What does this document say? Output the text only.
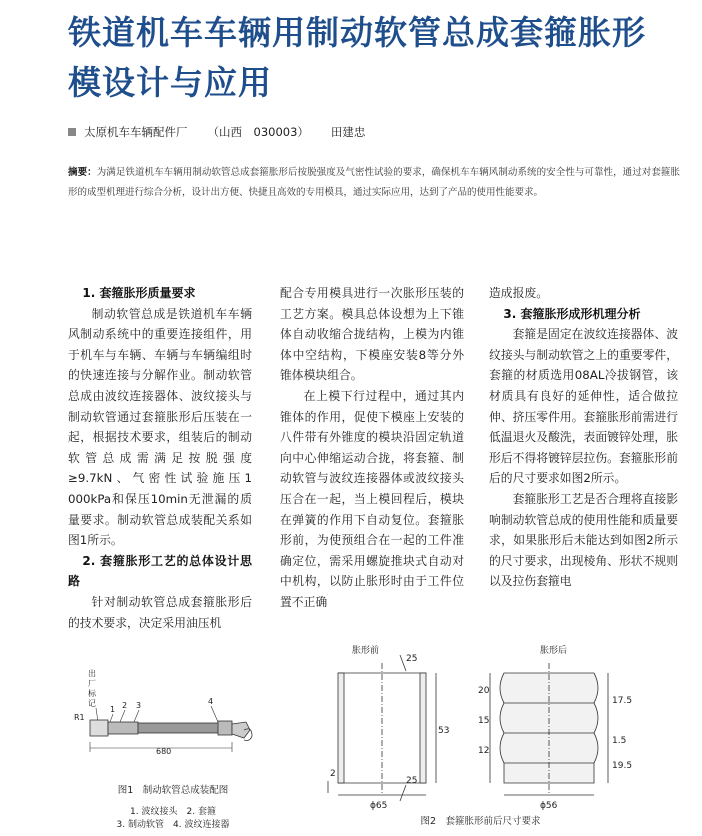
铁道机车车辆用制动软管总成套箍胀形模设计与应用
太原机车车辆配件厂 （山西　030003） 田建忠
摘要：为满足铁道机车车辆用制动软管总成套箍胀形后按脱强度及气密性试验的要求，确保机车车辆风制动系统的安全性与可靠性，通过对套箍胀形的成型机理进行综合分析，设计出方便、快捷且高效的专用模具，通过实际应用，达到了产品的使用性能要求。
1. 套箍胀形质量要求

制动软管总成是铁道机车车辆风制动系统中的重要连接组件，用于机车与车辆、车辆与车辆编组时的快速连接与分解作业。制动软管总成由波纹连接器体、波纹接头与制动软管通过套箍胀形后压装在一起，根据技术要求，组装后的制动软管总成需满足按脱强度≥9.7kN、气密性试验施压1 000kPa和保压10min无泄漏的质量要求。制动软管总成装配关系如图1所示。

2. 套箍胀形工艺的总体设计思路

针对制动软管总成套箍胀形后的技术要求，决定采用油压机

配合专用模具进行一次胀形压装的工艺方案。模具总体设想为上下锥体自动收缩合拢结构，上模为内锥体中空结构，下模座安装8等分外锥体模块组合。

在上模下行过程中，通过其内锥体的作用，促使下模座上安装的八件带有外锥度的模块沿固定轨道向中心伸缩运动合拢，将套箍、制动软管与波纹连接器体或波纹接头压合在一起，当上模回程后，模块在弹簧的作用下自动复位。套箍胀形前，为使预组合在一起的工件准确定位，需采用螺旋推块式自动对中机构，以防止胀形时由于工件位置不正确

造成报废。

3. 套箍胀形成形机理分析

套箍是固定在波纹连接器体、波纹接头与制动软管之上的重要零件，套箍的材质选用08AL冷拔钢管，该材质具有良好的延伸性，适合做拉伸、挤压零件用。套箍胀形前需进行低温退火及酸洗，表面镀锌处理，胀形后不得将镀锌层拉伤。套箍胀形前后的尺寸要求如图2所示。

套箍胀形工艺是否合理将直接影响制动软管总成的使用性能和质量要求，如果胀形后未能达到如图2所示的尺寸要求，出现棱角、形状不规则以及拉伤套箍电

出
厂
标
记
1 2 3	4
R1
680
图1　制动软管总成装配图
1. 波纹接头　2. 套箍
3. 制动软管　4. 波纹连接器
胀形前	胀形后
25
53
2
25
ϕ65
20
15
12
17.5
1.5
19.5
ϕ56
图2　套箍胀形前后尺寸要求
